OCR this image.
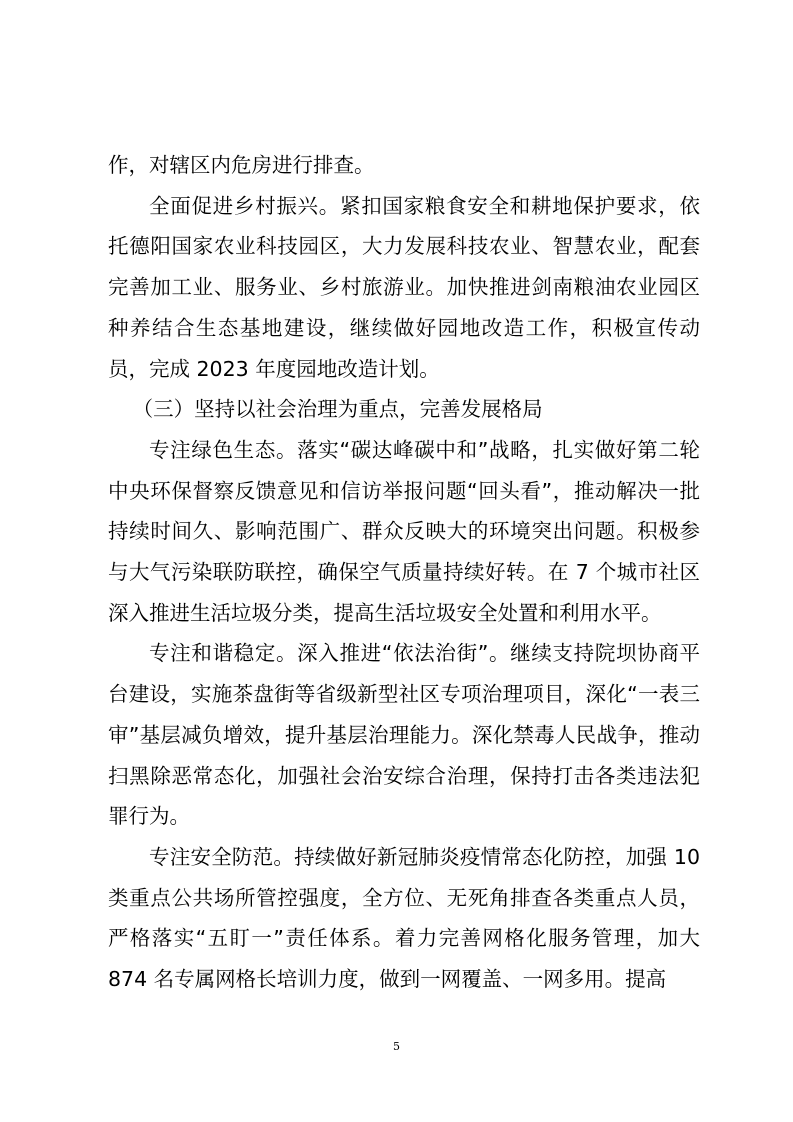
作，对辖区内危房进行排查。

全面促进乡村振兴。紧扣国家粮食安全和耕地保护要求，依托德阳国家农业科技园区，大力发展科技农业、智慧农业，配套完善加工业、服务业、乡村旅游业。加快推进剑南粮油农业园区种养结合生态基地建设，继续做好园地改造工作，积极宣传动员，完成 2023 年度园地改造计划。

（三）坚持以社会治理为重点，完善发展格局

专注绿色生态。落实“碳达峰碳中和”战略，扎实做好第二轮中央环保督察反馈意见和信访举报问题“回头看”，推动解决一批持续时间久、影响范围广、群众反映大的环境突出问题。积极参与大气污染联防联控，确保空气质量持续好转。在 7 个城市社区深入推进生活垃圾分类，提高生活垃圾安全处置和利用水平。

专注和谐稳定。深入推进“依法治街”。继续支持院坝协商平台建设，实施茶盘街等省级新型社区专项治理项目，深化“一表三审”基层减负增效，提升基层治理能力。深化禁毒人民战争，推动扫黑除恶常态化，加强社会治安综合治理，保持打击各类违法犯罪行为。

专注安全防范。持续做好新冠肺炎疫情常态化防控，加强 10 类重点公共场所管控强度，全方位、无死角排查各类重点人员，严格落实“五盯一”责任体系。着力完善网格化服务管理，加大 874 名专属网格长培训力度，做到一网覆盖、一网多用。提高

5
